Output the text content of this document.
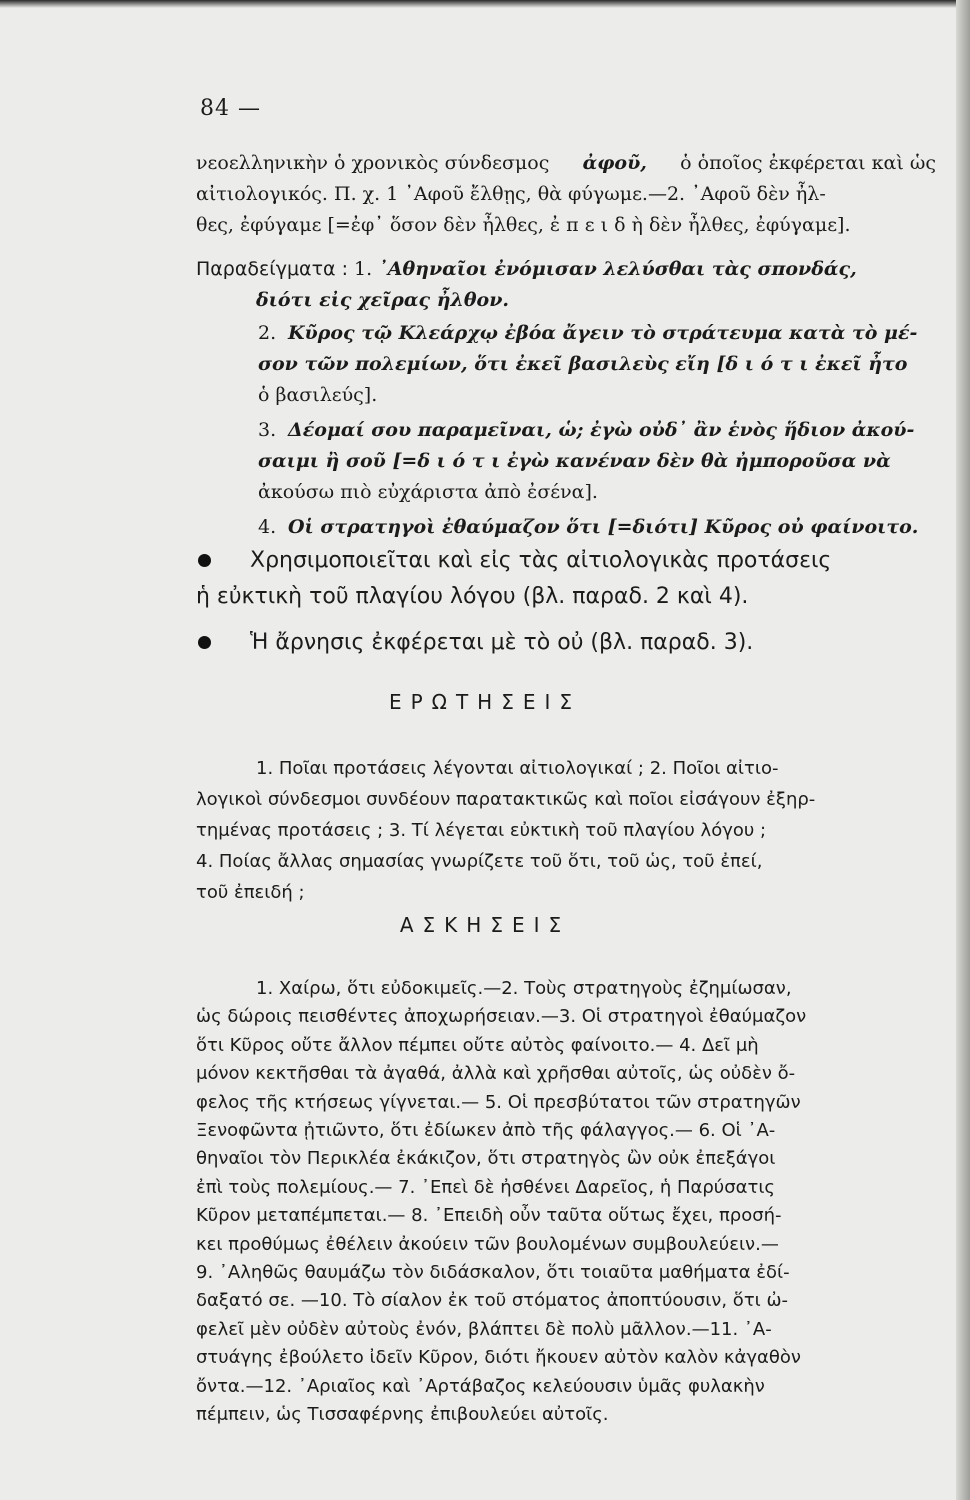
84 —
νεοελληνικὴν ὁ χρονικὸς σύνδεσμος ἀφοῦ, ὁ ὁποῖος ἐκφέρεται καὶ ὡς
αἰτιολογικός. Π. χ. 1 ᾿Αφοῦ ἔλθῃς, θὰ φύγωμε.—2. ᾿Αφοῦ δὲν ἦλ-
θες, ἐφύγαμε [=ἐφ᾿ ὅσον δὲν ἦλθες, ἐ π ε ι δ ὴ δὲν ἦλθες, ἐφύγαμε].
Παραδείγματα : 1. ᾿Αθηναῖοι ἐνόμισαν λελύσθαι τὰς σπονδάς,
διότι εἰς χεῖρας ἦλθον.
2. Κῦρος τῷ Κλεάρχῳ ἐβόα ἄγειν τὸ στράτευμα κατὰ τὸ μέ-
σον τῶν πολεμίων, ὅτι ἐκεῖ βασιλεὺς εἴη [δ ι ό τ ι ἐκεῖ ἦτο
ὁ βασιλεύς].
3. Δέομαί σου παραμεῖναι, ὡ; ἐγὼ οὐδ᾿ ἂν ἑνὸς ἥδιον ἀκού-
σαιμι ἢ σοῦ [=δ ι ό τ ι ἐγὼ κανέναν δὲν θὰ ἠμποροῦσα νὰ
ἀκούσω πιὸ εὐχάριστα ἀπὸ ἐσένα].
4. Οἱ στρατηγοὶ ἐθαύμαζον ὅτι [=διότι] Κῦρος οὐ φαίνοιτο.
Χρησιμοποιεῖται καὶ εἰς τὰς αἰτιολογικὰς προτάσεις
ἡ εὐκτικὴ τοῦ πλαγίου λόγου (βλ. παραδ. 2 καὶ 4).
Ἡ ἄρνησις ἐκφέρεται μὲ τὸ οὐ (βλ. παραδ. 3).
ΕΡΩΤΗΣΕΙΣ
1. Ποῖαι προτάσεις λέγονται αἰτιολογικαί ; 2. Ποῖοι αἰτιο-
λογικοὶ σύνδεσμοι συνδέουν παρατακτικῶς καὶ ποῖοι εἰσάγουν ἐξηρ-
τημένας προτάσεις ; 3. Τί λέγεται εὐκτικὴ τοῦ πλαγίου λόγου ;
4. Ποίας ἄλλας σημασίας γνωρίζετε τοῦ ὅτι, τοῦ ὡς, τοῦ ἐπεί,
τοῦ ἐπειδή ;
ΑΣΚΗΣΕΙΣ
1. Χαίρω, ὅτι εὐδοκιμεῖς.—2. Τοὺς στρατηγοὺς ἐζημίωσαν,
ὡς δώροις πεισθέντες ἀποχωρήσειαν.—3. Οἱ στρατηγοὶ ἐθαύμαζον
ὅτι Κῦρος οὔτε ἄλλον πέμπει οὔτε αὐτὸς φαίνοιτο.— 4. Δεῖ μὴ
μόνον κεκτῆσθαι τὰ ἀγαθά, ἀλλὰ καὶ χρῆσθαι αὐτοῖς, ὡς οὐδὲν ὄ-
φελος τῆς κτήσεως γίγνεται.— 5. Οἱ πρεσβύτατοι τῶν στρατηγῶν
Ξενοφῶντα ᾐτιῶντο, ὅτι ἐδίωκεν ἀπὸ τῆς φάλαγγος.— 6. Οἱ ᾿Α-
θηναῖοι τὸν Περικλέα ἐκάκιζον, ὅτι στρατηγὸς ὢν οὐκ ἐπεξάγοι
ἐπὶ τοὺς πολεμίους.— 7. ᾿Επεὶ δὲ ἠσθένει Δαρεῖος, ἡ Παρύσατις
Κῦρον μεταπέμπεται.— 8. ᾿Επειδὴ οὖν ταῦτα οὕτως ἔχει, προσή-
κει προθύμως ἐθέλειν ἀκούειν τῶν βουλομένων συμβουλεύειν.—
9. ᾿Αληθῶς θαυμάζω τὸν διδάσκαλον, ὅτι τοιαῦτα μαθήματα ἐδί-
δαξατό σε. —10. Τὸ σίαλον ἐκ τοῦ στόματος ἀποπτύουσιν, ὅτι ὠ-
φελεῖ μὲν οὐδὲν αὐτοὺς ἐνόν, βλάπτει δὲ πολὺ μᾶλλον.—11. ᾿Α-
στυάγης ἐβούλετο ἰδεῖν Κῦρον, διότι ἤκουεν αὐτὸν καλὸν κἀγαθὸν
ὄντα.—12. ᾿Αριαῖος καὶ ᾿Αρτάβαζος κελεύουσιν ὑμᾶς φυλακὴν
πέμπειν, ὡς Τισσαφέρνης ἐπιβουλεύει αὐτοῖς.
